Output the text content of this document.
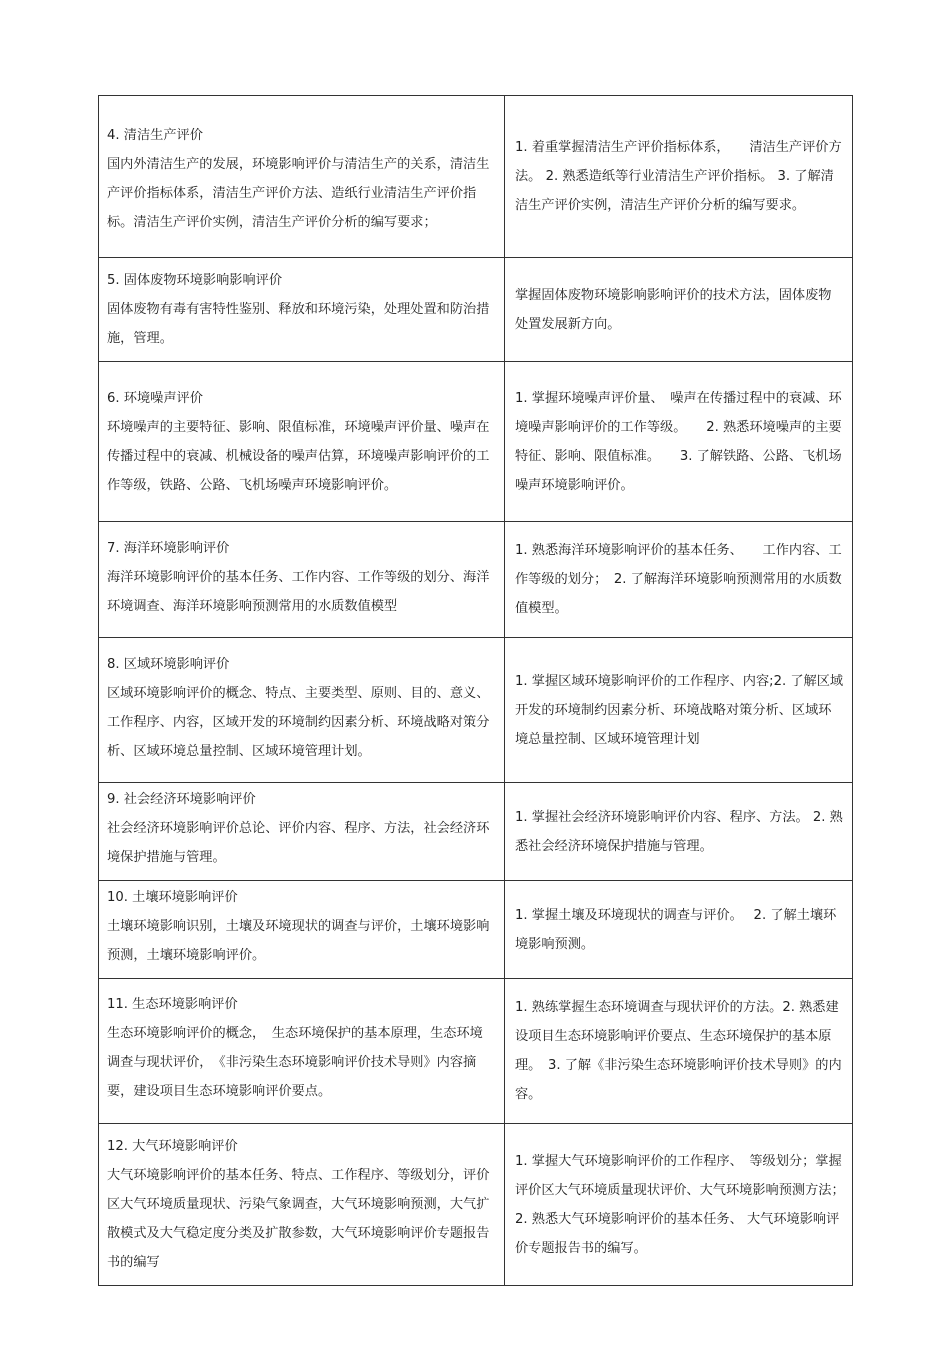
4. 清洁生产评价
国内外清洁生产的发展，环境影响评价与清洁生产的关系，清洁生产评价指标体系，清洁生产评价方法、造纸行业清洁生产评价指标。清洁生产评价实例，清洁生产评价分析的编写要求；	1. 着重掌握清洁生产评价指标体系，　　清洁生产评价方法。 2. 熟悉造纸等行业清洁生产评价指标。 3. 了解清洁生产评价实例，清洁生产评价分析的编写要求。

5. 固体废物环境影响影响评价
固体废物有毒有害特性鉴别、释放和环境污染，处理处置和防治措施，管理。	掌握固体废物环境影响影响评价的技术方法，固体废物处置发展新方向。

6. 环境噪声评价
环境噪声的主要特征、影响、限值标准，环境噪声评价量、噪声在传播过程中的衰减、机械设备的噪声估算，环境噪声影响评价的工作等级，铁路、公路、飞机场噪声环境影响评价。	1. 掌握环境噪声评价量、　噪声在传播过程中的衰减、环境噪声影响评价的工作等级。　　2. 熟悉环境噪声的主要特征、影响、限值标准。　　3. 了解铁路、公路、飞机场噪声环境影响评价。

7. 海洋环境影响评价
海洋环境影响评价的基本任务、工作内容、工作等级的划分、海洋环境调查、海洋环境影响预测常用的水质数值模型	1. 熟悉海洋环境影响评价的基本任务、　　工作内容、工作等级的划分；　2. 了解海洋环境影响预测常用的水质数值模型。

8. 区域环境影响评价
区域环境影响评价的概念、特点、主要类型、原则、目的、意义、工作程序、内容，区域开发的环境制约因素分析、环境战略对策分析、区域环境总量控制、区域环境管理计划。	1. 掌握区域环境影响评价的工作程序、内容;2. 了解区域开发的环境制约因素分析、环境战略对策分析、区域环境总量控制、区域环境管理计划

9. 社会经济环境影响评价
社会经济环境影响评价总论、评价内容、程序、方法，社会经济环境保护措施与管理。	1. 掌握社会经济环境影响评价内容、程序、方法。 2. 熟悉社会经济环境保护措施与管理。

10. 土壤环境影响评价
土壤环境影响识别，土壤及环境现状的调查与评价，土壤环境影响预测，土壤环境影响评价。	1. 掌握土壤及环境现状的调查与评价。　 2. 了解土壤环境影响预测。

11. 生态环境影响评价
生态环境影响评价的概念，　生态环境保护的基本原理，生态环境调查与现状评价，　《非污染生态环境影响评价技术导则》内容摘要，建设项目生态环境影响评价要点。	1. 熟练掌握生态环境调查与现状评价的方法。2. 熟悉建设项目生态环境影响评价要点、生态环境保护的基本原理。　3. 了解《非污染生态环境影响评价技术导则》的内容。

12. 大气环境影响评价
大气环境影响评价的基本任务、特点、工作程序、等级划分，评价区大气环境质量现状、污染气象调查，大气环境影响预测，大气扩散模式及大气稳定度分类及扩散参数，大气环境影响评价专题报告书的编写	1. 掌握大气环境影响评价的工作程序、　等级划分；掌握评价区大气环境质量现状评价、大气环境影响预测方法；　2. 熟悉大气环境影响评价的基本任务、 大气环境影响评价专题报告书的编写。
